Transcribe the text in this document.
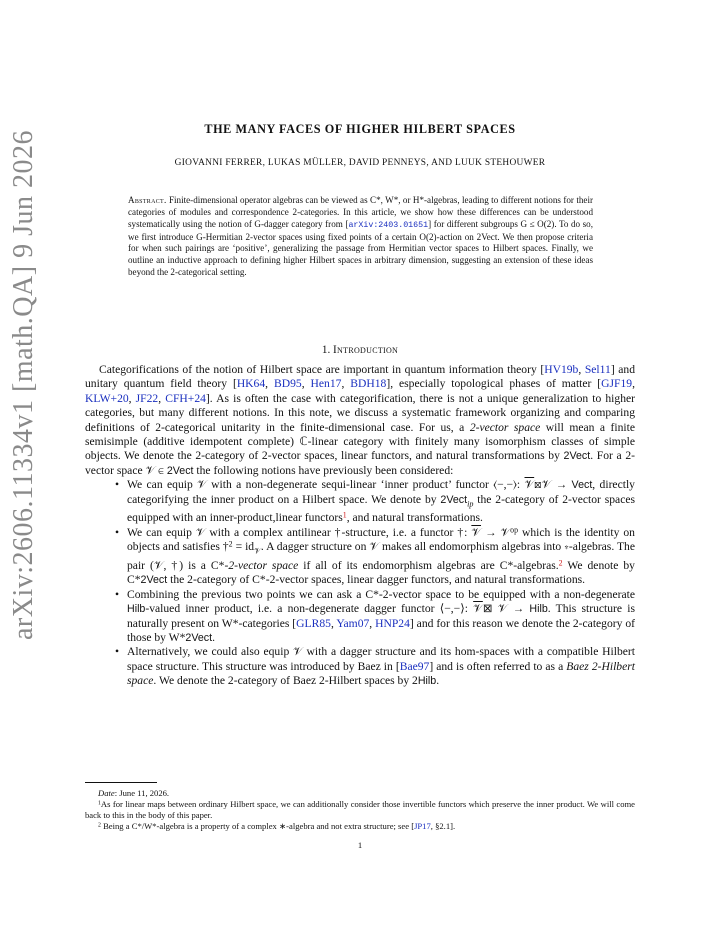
arXiv:2606.11334v1 [math.QA] 9 Jun 2026
THE MANY FACES OF HIGHER HILBERT SPACES
GIOVANNI FERRER, LUKAS MÜLLER, DAVID PENNEYS, AND LUUK STEHOUWER
Abstract. Finite-dimensional operator algebras can be viewed as C*, W*, or H*-algebras, leading to different notions for their categories of modules and correspondence 2-categories. In this article, we show how these differences can be understood systematically using the notion of G-dagger category from [arXiv:2403.01651] for different subgroups G ≤ O(2). To do so, we first introduce G-Hermitian 2-vector spaces using fixed points of a certain O(2)-action on 2Vect. We then propose criteria for when such pairings are ‘positive’, generalizing the passage from Hermitian vector spaces to Hilbert spaces. Finally, we outline an inductive approach to defining higher Hilbert spaces in arbitrary dimension, suggesting an extension of these ideas beyond the 2-categorical setting.
1. Introduction

Categorifications of the notion of Hilbert space are important in quantum information theory [HV19b, Sel11] and unitary quantum field theory [HK64, BD95, Hen17, BDH18], especially topological phases of matter [GJF19, KLW+20, JF22, CFH+24]. As is often the case with categorification, there is not a unique generalization to higher categories, but many different notions. In this note, we discuss a systematic framework organizing and comparing definitions of 2-categorical unitarity in the finite-dimensional case. For us, a 2-vector space will mean a finite semisimple (additive idempotent complete) ℂ-linear category with finitely many isomorphism classes of simple objects. We denote the 2-category of 2-vector spaces, linear functors, and natural transformations by 2Vect. For a 2-vector space 𝒱 ∈ 2Vect the following notions have previously been considered:

• We can equip 𝒱 with a non-degenerate sequi-linear ‘inner product’ functor ⟨−,−⟩: 𝒱⊠𝒱 → Vect, directly categorifying the inner product on a Hilbert space. We denote by 2Vect$_{ip}$ the 2-category of 2-vector spaces equipped with an inner-product,linear functors$^1$, and natural transformations.
• We can equip 𝒱 with a complex antilinear †-structure, i.e. a functor †: 𝒱 → 𝒱$^{op}$ which is the identity on objects and satisfies †$^2$ = $id_𝒱$. A dagger structure on 𝒱 makes all endomorphism algebras into ∗-algebras. The pair (𝒱, †) is a C*-2-vector space if all of its endomorphism algebras are C*-algebras.$^2$ We denote by C*2Vect the 2-category of C*-2-vector spaces, linear dagger functors, and natural transformations.
• Combining the previous two points we can ask a C*-2-vector space to be equipped with a non-degenerate Hilb-valued inner product, i.e. a non-degenerate dagger functor ⟨−,−⟩: 𝒱⊠ 𝒱 → Hilb. This structure is naturally present on W*-categories [GLR85, Yam07, HNP24] and for this reason we denote the 2-category of those by W*2Vect.
• Alternatively, we could also equip 𝒱 with a dagger structure and its hom-spaces with a compatible Hilbert space structure. This structure was introduced by Baez in [Bae97] and is often referred to as a Baez 2-Hilbert space. We denote the 2-category of Baez 2-Hilbert spaces by 2Hilb.

Date: June 11, 2026.

$^1$As for linear maps between ordinary Hilbert space, we can additionally consider those invertible functors which preserve the inner product. We will come back to this in the body of this paper.

$^2$ Being a C*/W*-algebra is a property of a complex ∗-algebra and not extra structure; see [JP17, §2.1].

1
